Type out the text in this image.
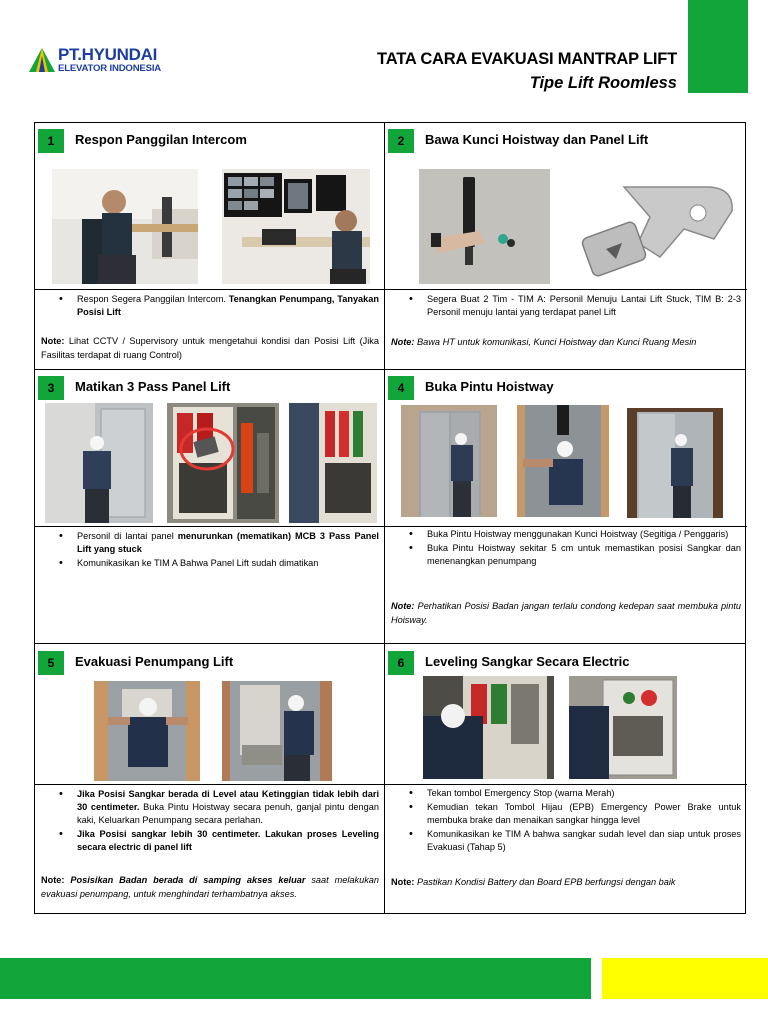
PT.HYUNDAI
ELEVATOR INDONESIA
TATA CARA EVAKUASI MANTRAP LIFT
Tipe Lift Roomless
1	Respon Panggilan Intercom
• Respon Segera Panggilan Intercom. Tenangkan Penumpang, Tanyakan Posisi Lift
Note: Lihat CCTV / Supervisory untuk mengetahui kondisi dan Posisi Lift (Jika Fasilitas terdapat di ruang Control)
2	Bawa Kunci Hoistway dan Panel Lift
• Segera Buat 2 Tim - TIM A: Personil Menuju Lantai Lift Stuck, TIM B: 2-3 Personil menuju lantai yang terdapat panel Lift
Note: Bawa HT untuk komunikasi, Kunci Hoistway dan Kunci Ruang Mesin
3	Matikan 3 Pass Panel Lift
• Personil di lantai panel menurunkan (mematikan) MCB 3 Pass Panel Lift yang stuck
• Komunikasikan ke TIM A Bahwa Panel Lift sudah dimatikan
4	Buka Pintu Hoistway
• Buka Pintu Hoistway menggunakan Kunci Hoistway (Segitiga / Penggaris)
• Buka Pintu Hoistway sekitar 5 cm untuk memastikan posisi Sangkar dan menenangkan penumpang
Note: Perhatikan Posisi Badan jangan terlalu condong kedepan saat membuka pintu Hoisway.
5	Evakuasi Penumpang Lift
• Jika Posisi Sangkar berada di Level atau Ketinggian tidak lebih dari 30 centimeter. Buka Pintu Hoistway secara penuh, ganjal pintu dengan kaki, Keluarkan Penumpang secara perlahan.
• Jika Posisi sangkar lebih 30 centimeter. Lakukan proses Leveling secara electric di panel lift
Note: Posisikan Badan berada di samping akses keluar saat melakukan evakuasi penumpang, untuk menghindari terhambatnya akses.
6	Leveling Sangkar Secara Electric
• Tekan tombol Emergency Stop (warna Merah)
• Kemudian tekan Tombol Hijau (EPB) Emergency Power Brake untuk membuka brake dan menaikan sangkar hingga level
• Komunikasikan ke TIM A bahwa sangkar sudah level dan siap untuk proses Evakuasi (Tahap 5)
Note: Pastikan Kondisi Battery dan Board EPB berfungsi dengan baik
